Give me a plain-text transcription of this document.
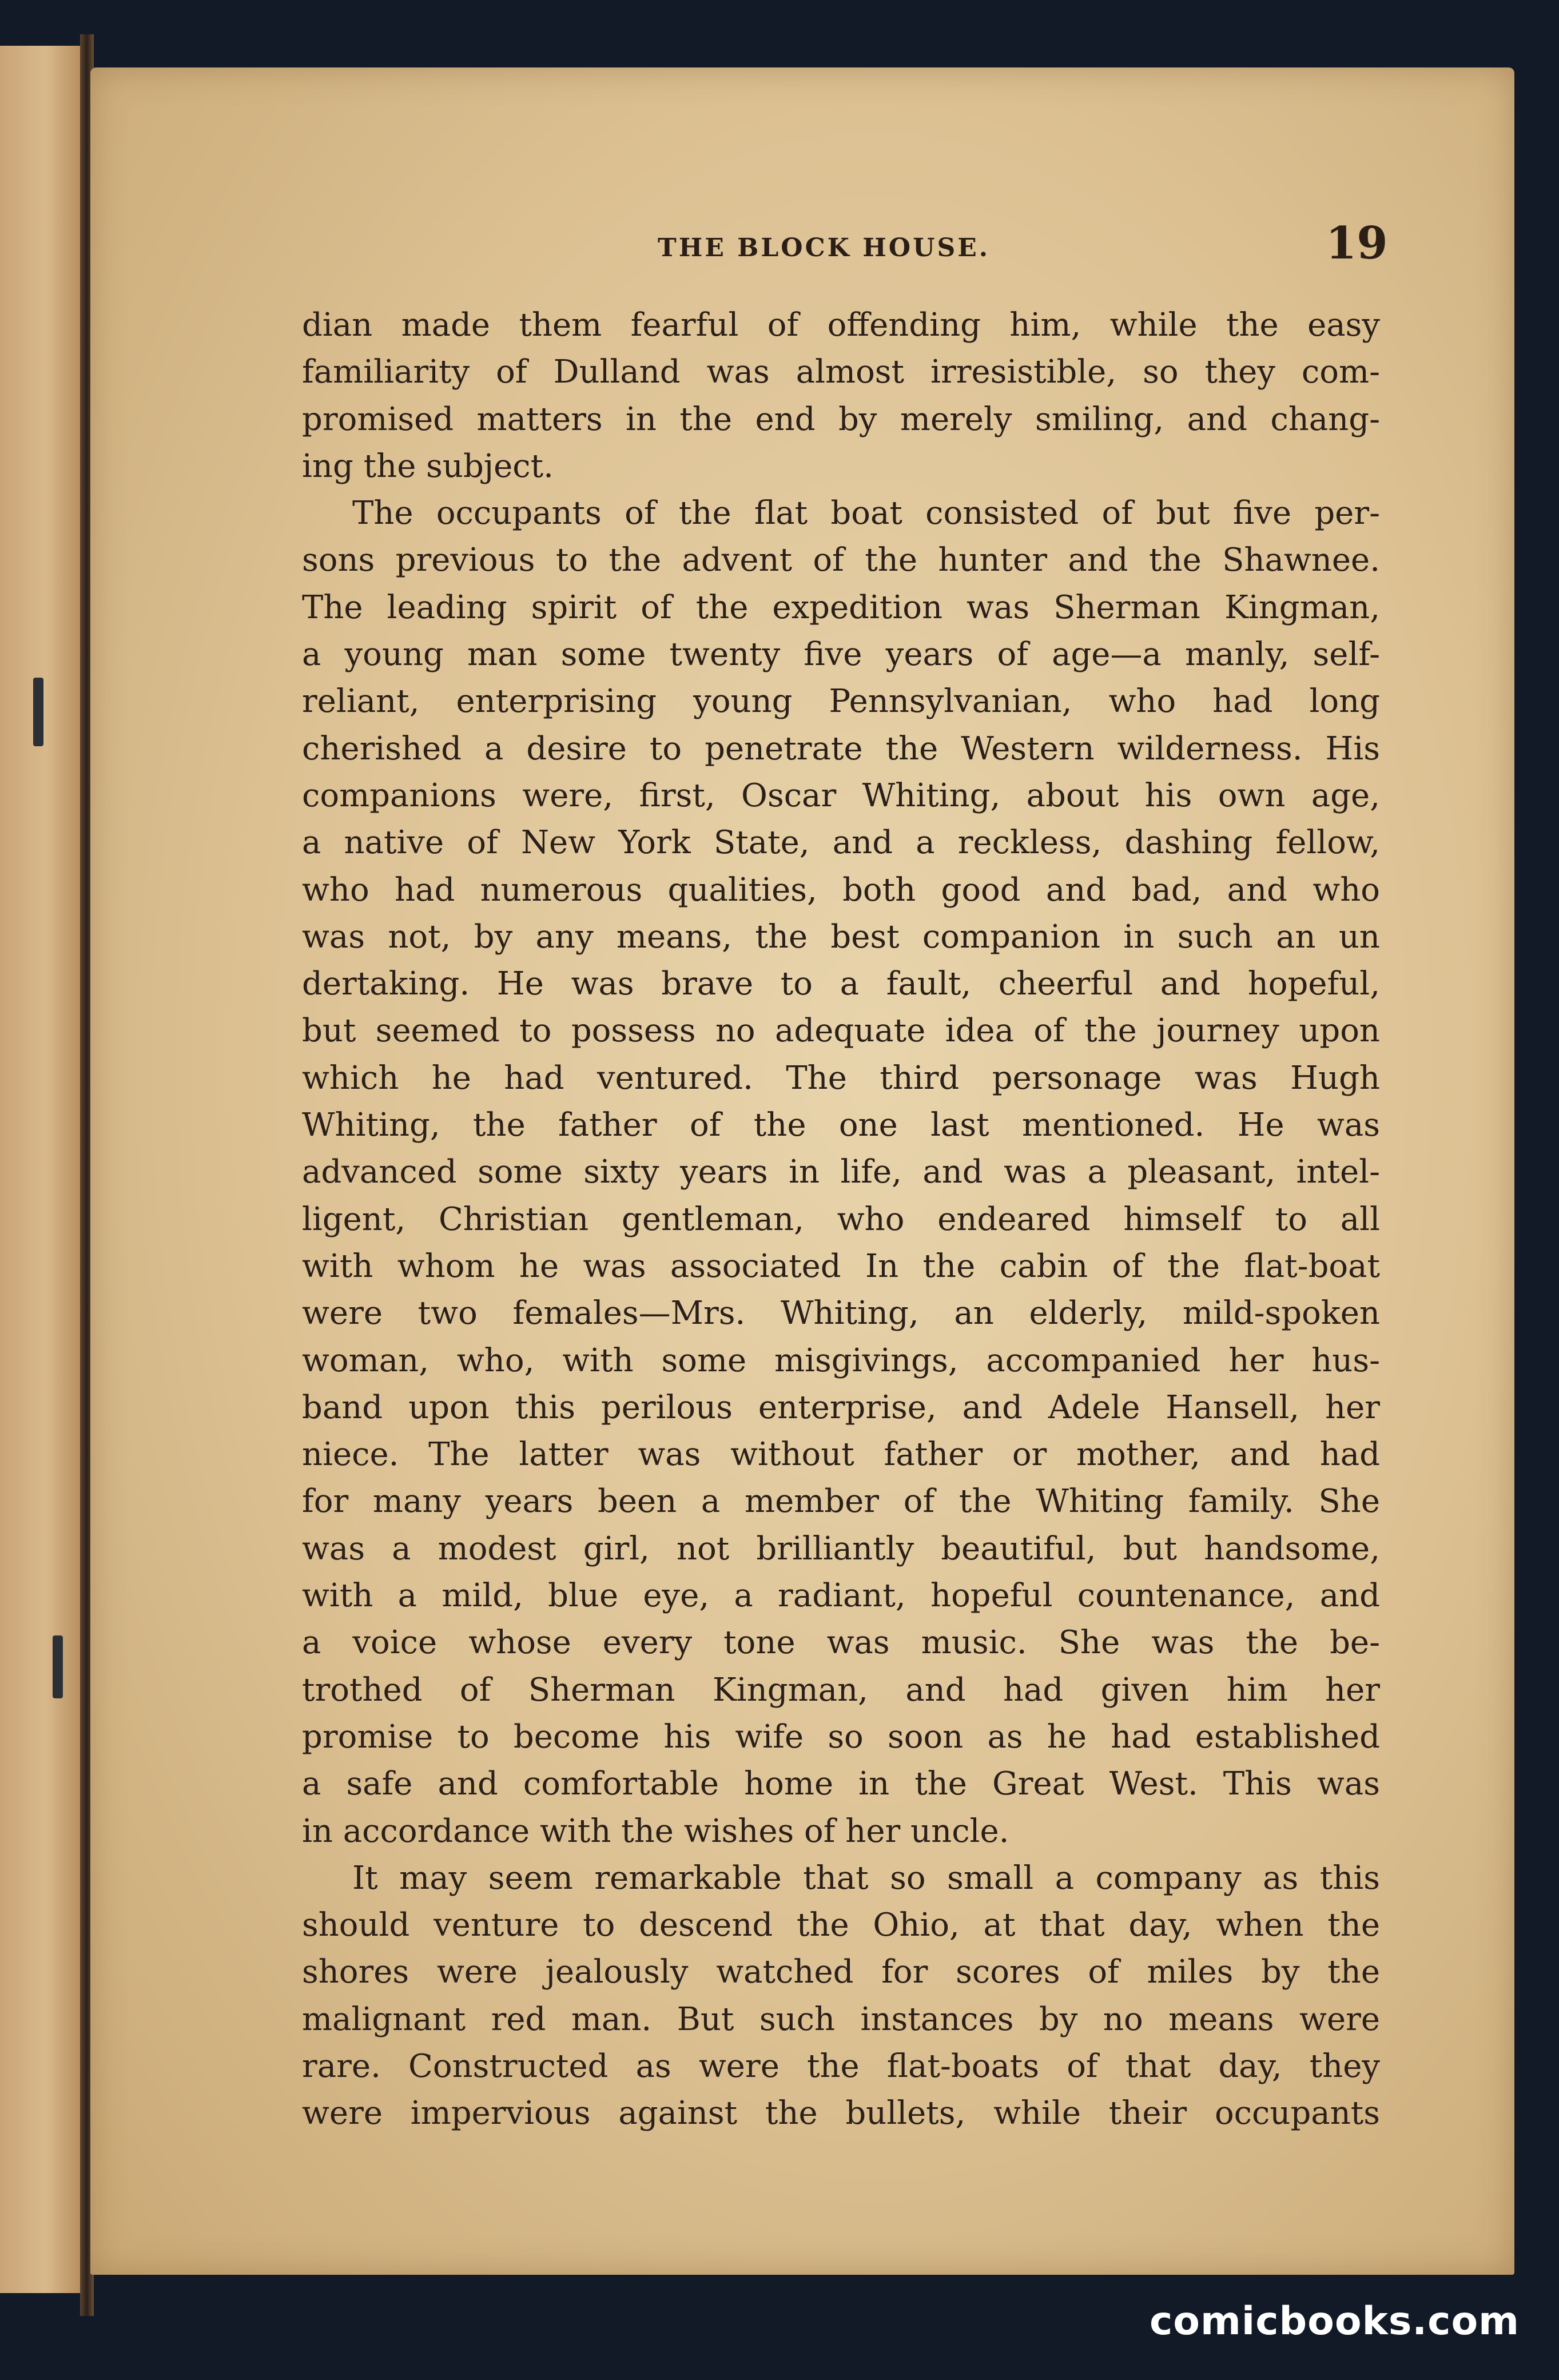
THE BLOCK HOUSE.	19
dian made them fearful of offending him, while the easy
familiarity of Dulland was almost irresistible, so they com-
promised matters in the end by merely smiling, and chang-
ing the subject.
The occupants of the flat boat consisted of but five per-
sons previous to the advent of the hunter and the Shawnee.
The leading spirit of the expedition was Sherman Kingman,
a young man some twenty five years of age—a manly, self-
reliant, enterprising young Pennsylvanian, who had long
cherished a desire to penetrate the Western wilderness. His
companions were, first, Oscar Whiting, about his own age,
a native of New York State, and a reckless, dashing fellow,
who had numerous qualities, both good and bad, and who
was not, by any means, the best companion in such an un
dertaking. He was brave to a fault, cheerful and hopeful,
but seemed to possess no adequate idea of the journey upon
which he had ventured. The third personage was Hugh
Whiting, the father of the one last mentioned. He was
advanced some sixty years in life, and was a pleasant, intel-
ligent, Christian gentleman, who endeared himself to all
with whom he was associated In the cabin of the flat-boat
were two females—Mrs. Whiting, an elderly, mild-spoken
woman, who, with some misgivings, accompanied her hus-
band upon this perilous enterprise, and Adele Hansell, her
niece. The latter was without father or mother, and had
for many years been a member of the Whiting family. She
was a modest girl, not brilliantly beautiful, but handsome,
with a mild, blue eye, a radiant, hopeful countenance, and
a voice whose every tone was music. She was the be-
trothed of Sherman Kingman, and had given him her
promise to become his wife so soon as he had established
a safe and comfortable home in the Great West. This was
in accordance with the wishes of her uncle.
It may seem remarkable that so small a company as this
should venture to descend the Ohio, at that day, when the
shores were jealously watched for scores of miles by the
malignant red man. But such instances by no means were
rare. Constructed as were the flat-boats of that day, they
were impervious against the bullets, while their occupants
comicbooks.com
